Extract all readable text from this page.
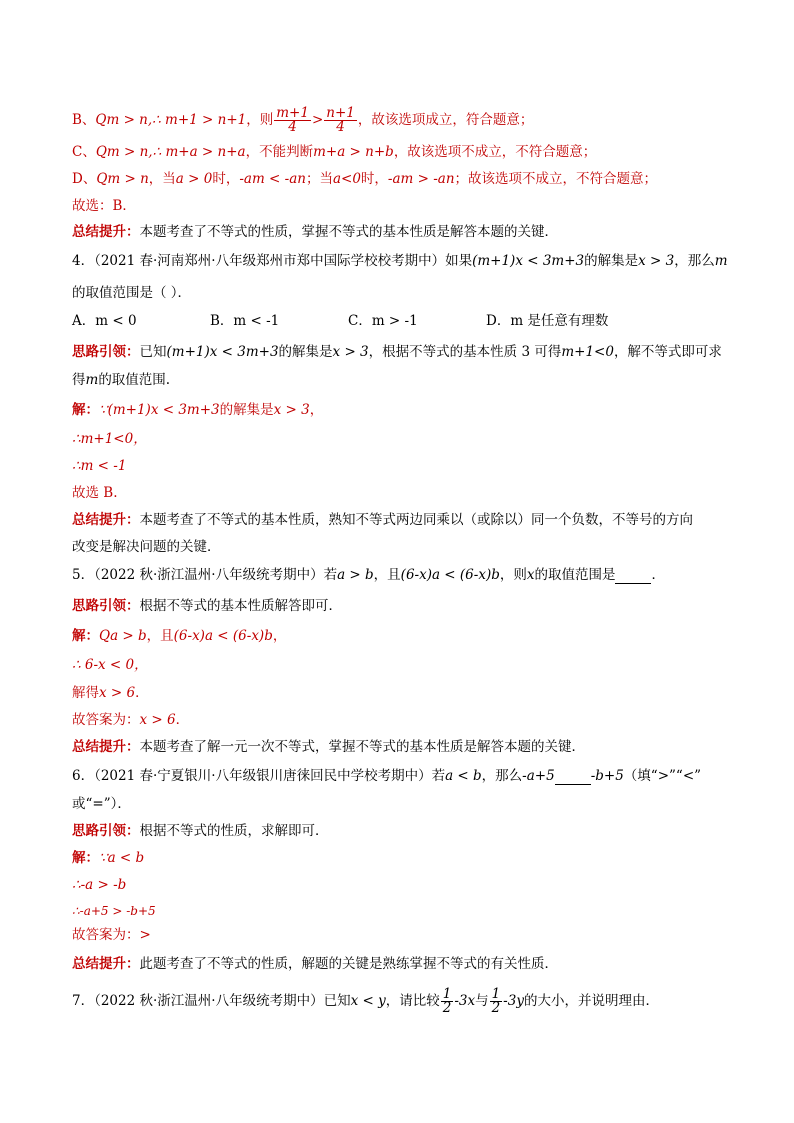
B、Qm > n,∴ m+1 > n+1，则 $\frac{m+1}{4} > \frac{n+1}{4}$ ，故该选项成立，符合题意；
C、Qm > n,∴ m+a > n+a，不能判断m+a > n+b，故该选项不成立，不符合题意；
D、Qm > n，当a > 0时，-am < -an；当a<0时，-am > -an；故该选项不成立，不符合题意；
故选：B．
总结提升：本题考查了不等式的性质，掌握不等式的基本性质是解答本题的关键．
4．（2021 春·河南郑州·八年级郑州市郑中国际学校校考期中）如果(m+1)x < 3m+3的解集是x > 3，那么m
的取值范围是（ ）．
A．m < 0	B．m < -1	C．m > -1	D．m 是任意有理数
思路引领：已知(m+1)x < 3m+3的解集是x > 3，根据不等式的基本性质 3 可得m+1<0，解不等式即可求
得m的取值范围.
解：∵(m+1)x < 3m+3的解集是x > 3，
∴m+1<0，
∴m < -1
故选 B.
总结提升：本题考查了不等式的基本性质，熟知不等式两边同乘以（或除以）同一个负数，不等号的方向
改变是解决问题的关键．
5．（2022 秋·浙江温州·八年级统考期中）若a > b，且(6-x)a < (6-x)b，则x的取值范围是	．
思路引领：根据不等式的基本性质解答即可．
解：Qa > b，且(6-x)a < (6-x)b，
∴ 6-x < 0，
解得x > 6．
故答案为：x > 6．
总结提升：本题考查了解一元一次不等式，掌握不等式的基本性质是解答本题的关键．
6．（2021 春·宁夏银川·八年级银川唐徕回民中学校考期中）若a < b，那么-a+5	-b+5（填“>”“<”
或“=”）．
思路引领：根据不等式的性质，求解即可．
解：∵a < b
∴-a > -b
∴-a+5 > -b+5
故答案为：>
总结提升：此题考查了不等式的性质，解题的关键是熟练掌握不等式的有关性质．
7．（2022 秋·浙江温州·八年级统考期中）已知x < y，请比较 $\frac{1}{2} -3x$与 $\frac{1}{2} -3y$的大小，并说明理由．
